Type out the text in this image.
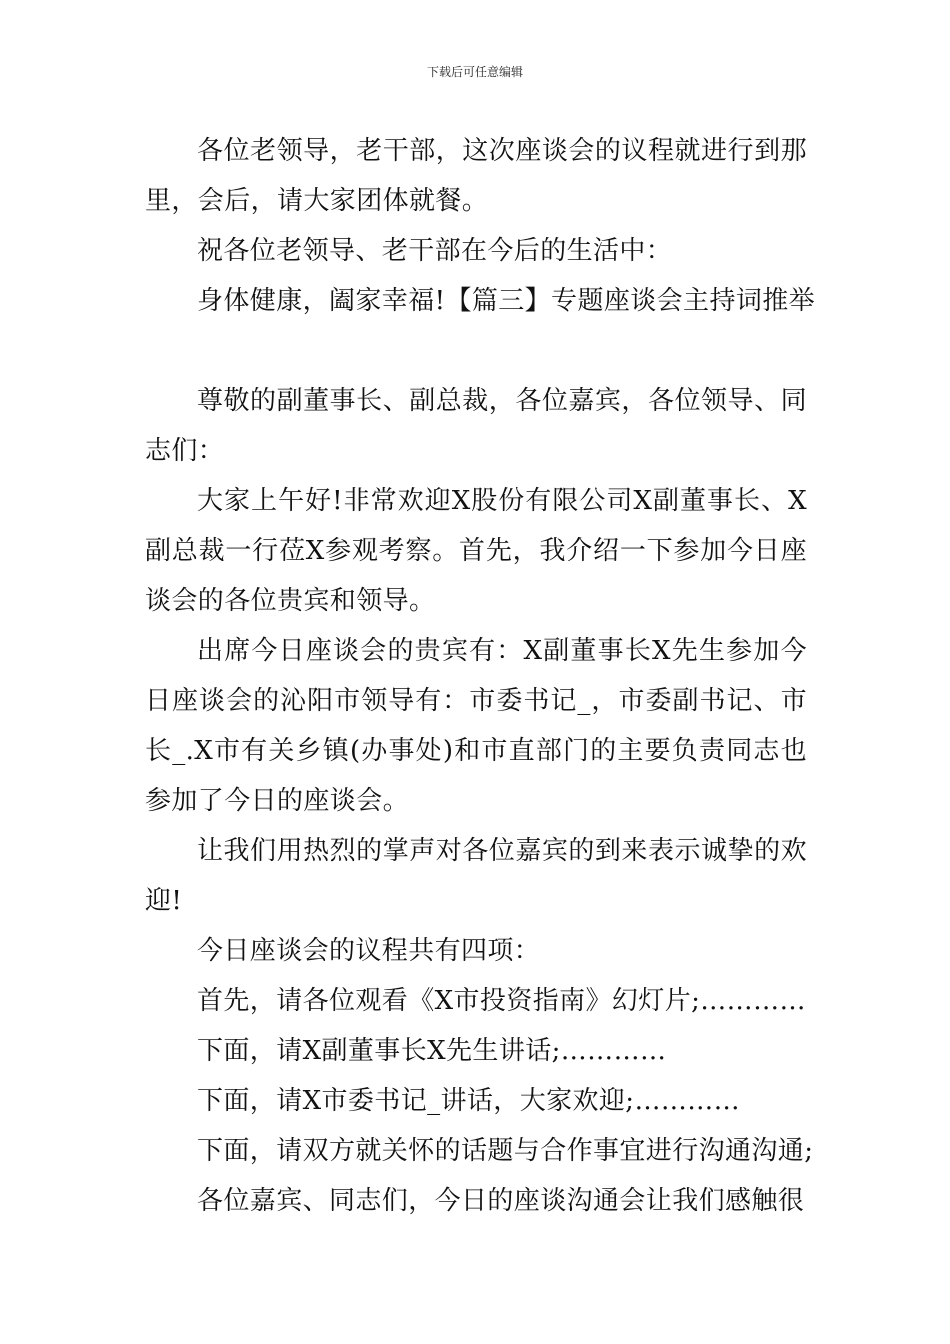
下载后可任意编辑

各位老领导，老干部，这次座谈会的议程就进行到那里，会后，请大家团体就餐。

祝各位老领导、老干部在今后的生活中：

身体健康，阖家幸福!【篇三】专题座谈会主持词推举

尊敬的副董事长、副总裁，各位嘉宾，各位领导、同志们：

大家上午好!非常欢迎X股份有限公司X副董事长、X副总裁一行莅X参观考察。首先，我介绍一下参加今日座谈会的各位贵宾和领导。

出席今日座谈会的贵宾有：X副董事长X先生参加今日座谈会的沁阳市领导有：市委书记_，市委副书记、市长_.X市有关乡镇(办事处)和市直部门的主要负责同志也参加了今日的座谈会。

让我们用热烈的掌声对各位嘉宾的到来表示诚挚的欢迎!

今日座谈会的议程共有四项：

首先，请各位观看《X市投资指南》幻灯片;…………

下面，请X副董事长X先生讲话;…………

下面，请X市委书记_讲话，大家欢迎;…………

下面，请双方就关怀的话题与合作事宜进行沟通沟通;

各位嘉宾、同志们，今日的座谈沟通会让我们感触很
